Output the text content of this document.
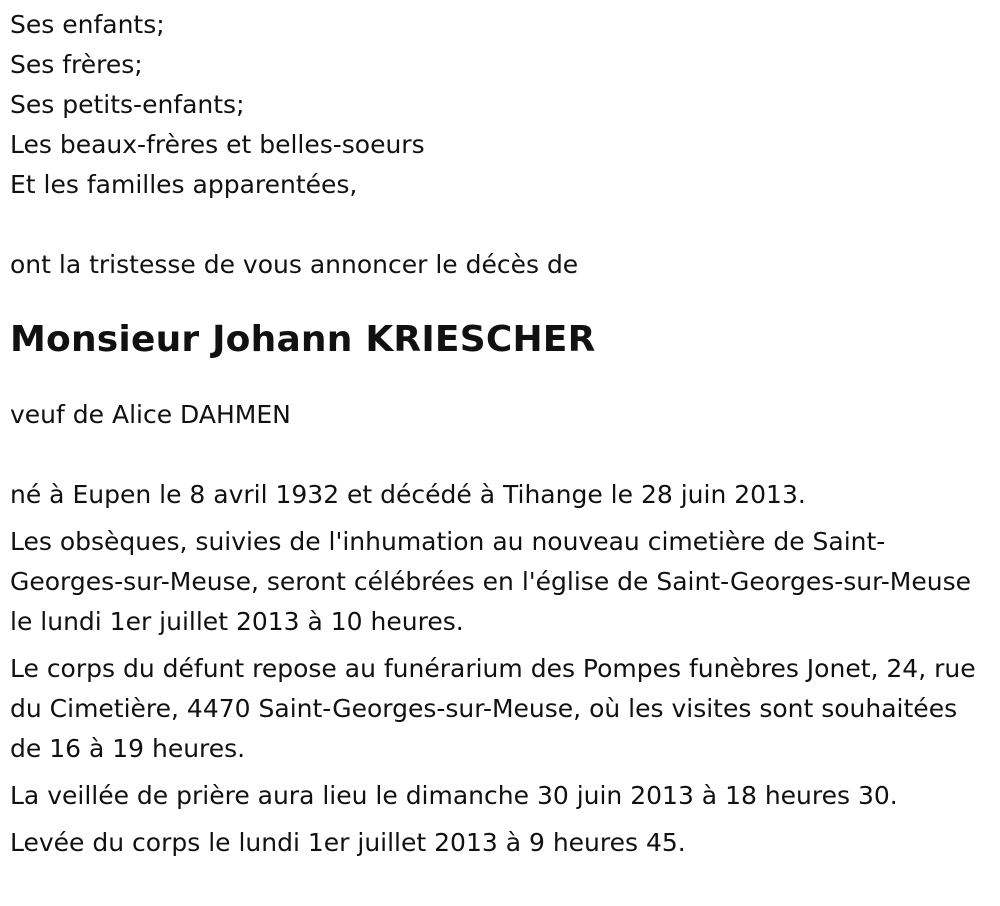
Ses enfants;
Ses frères;
Ses petits-enfants;
Les beaux-frères et belles-soeurs
Et les familles apparentées,

ont la tristesse de vous annoncer le décès de

Monsieur Johann KRIESCHER

veuf de Alice DAHMEN

né à Eupen le 8 avril 1932 et décédé à Tihange le 28 juin 2013.

Les obsèques, suivies de l'inhumation au nouveau cimetière de Saint-Georges-sur-Meuse, seront célébrées en l'église de Saint-Georges-sur-Meuse le lundi 1er juillet 2013 à 10 heures.

Le corps du défunt repose au funérarium des Pompes funèbres Jonet, 24, rue du Cimetière, 4470 Saint-Georges-sur-Meuse, où les visites sont souhaitées de 16 à 19 heures.

La veillée de prière aura lieu le dimanche 30 juin 2013 à 18 heures 30.

Levée du corps le lundi 1er juillet 2013 à 9 heures 45.
